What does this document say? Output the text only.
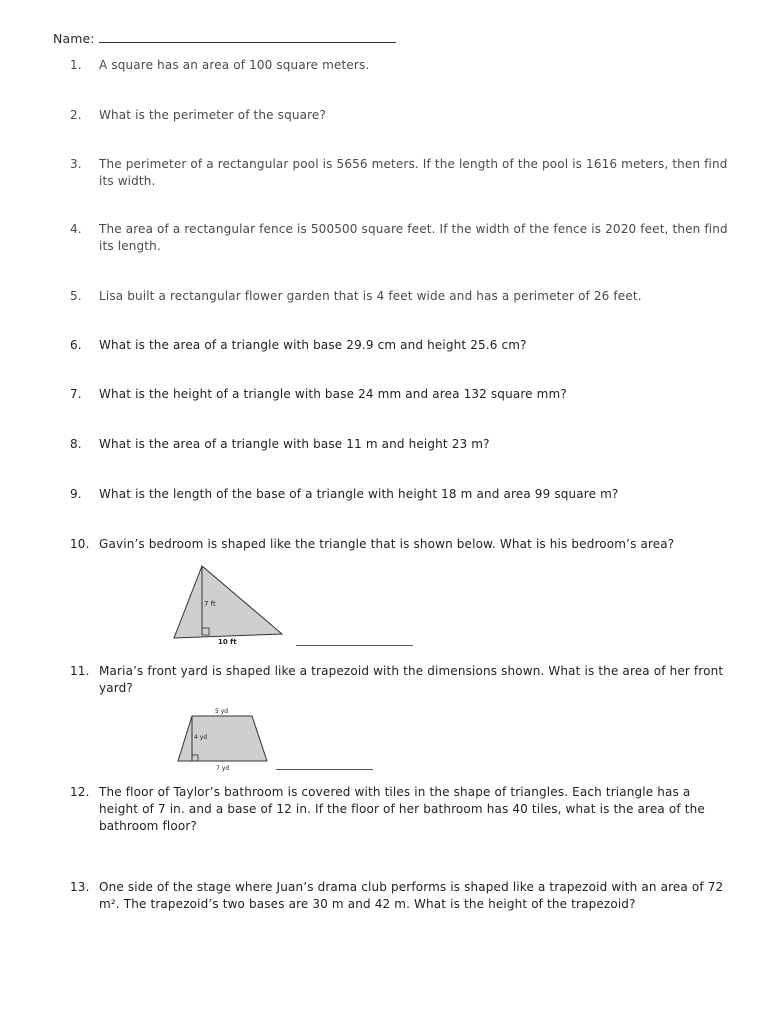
Name:
1.	A square has an area of 100 square meters.
2.	What is the perimeter of the square?
3.	The perimeter of a rectangular pool is 5656 meters. If the length of the pool is 1616 meters, then find its width.
4.	The area of a rectangular fence is 500500 square feet. If the width of the fence is 2020 feet, then find its length.
5.	Lisa built a rectangular flower garden that is 4 feet wide and has a perimeter of 26 feet.
6.	What is the area of a triangle with base 29.9 cm and height 25.6 cm?
7.	What is the height of a triangle with base 24 mm and area 132 square mm?
8.	What is the area of a triangle with base 11 m and height 23 m?
9.	What is the length of the base of a triangle with height 18 m and area 99 square m?
10. Gavin’s bedroom is shaped like the triangle that is shown below. What is his bedroom’s area?
7 ft
10 ft
11. Maria’s front yard is shaped like a trapezoid with the dimensions shown. What is the area of her front yard?
5 yd
4 yd
7 yd
12. The floor of Taylor’s bathroom is covered with tiles in the shape of triangles. Each triangle has a height of 7 in. and a base of 12 in. If the floor of her bathroom has 40 tiles, what is the area of the bathroom floor?
13. One side of the stage where Juan’s drama club performs is shaped like a trapezoid with an area of 72 m². The trapezoid’s two bases are 30 m and 42 m. What is the height of the trapezoid?
